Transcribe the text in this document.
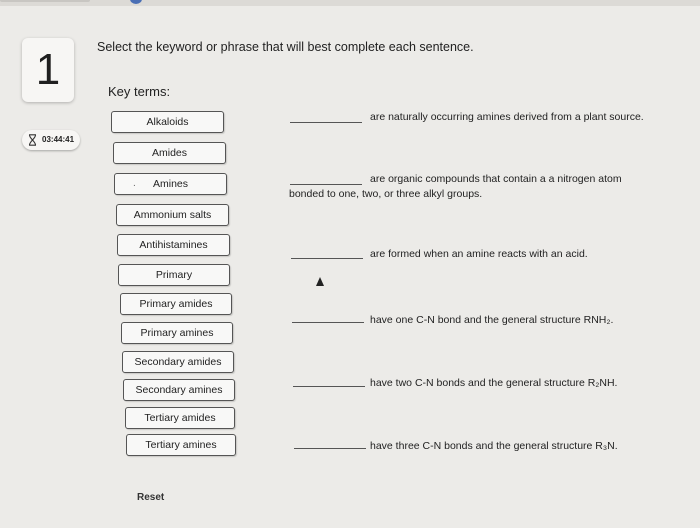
1
03:44:41
Select the keyword or phrase that will best complete each sentence.
Key terms:
Alkaloids
Amides
. Amines
Ammonium salts
Antihistamines
Primary
Primary amides
Primary amines
Secondary amides
Secondary amines
Tertiary amides
Tertiary amines
Reset
are naturally occurring amines derived from a plant source.
are organic compounds that contain a a nitrogen atom
bonded to one, two, or three alkyl groups.
are formed when an amine reacts with an acid.
have one C-N bond and the general structure RNH₂.
have two C-N bonds and the general structure R₂NH.
have three C-N bonds and the general structure R₃N.
